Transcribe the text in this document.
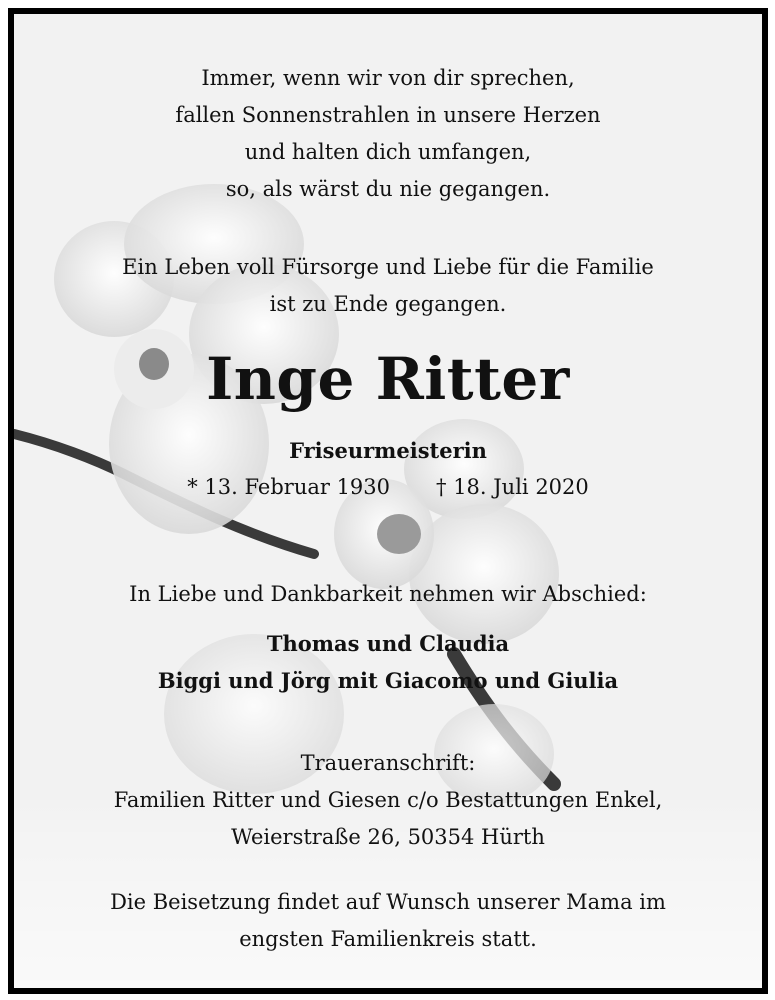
Immer, wenn wir von dir sprechen,
fallen Sonnenstrahlen in unsere Herzen
und halten dich umfangen,
so, als wärst du nie gegangen.
Ein Leben voll Fürsorge und Liebe für die Familie
ist zu Ende gegangen.
Inge Ritter
Friseurmeisterin
* 13. Februar 1930 † 18. Juli 2020
In Liebe und Dankbarkeit nehmen wir Abschied:
Thomas und Claudia
Biggi und Jörg mit Giacomo und Giulia
Traueranschrift:
Familien Ritter und Giesen c/o Bestattungen Enkel,
Weierstraße 26, 50354 Hürth
Die Beisetzung findet auf Wunsch unserer Mama im
engsten Familienkreis statt.
